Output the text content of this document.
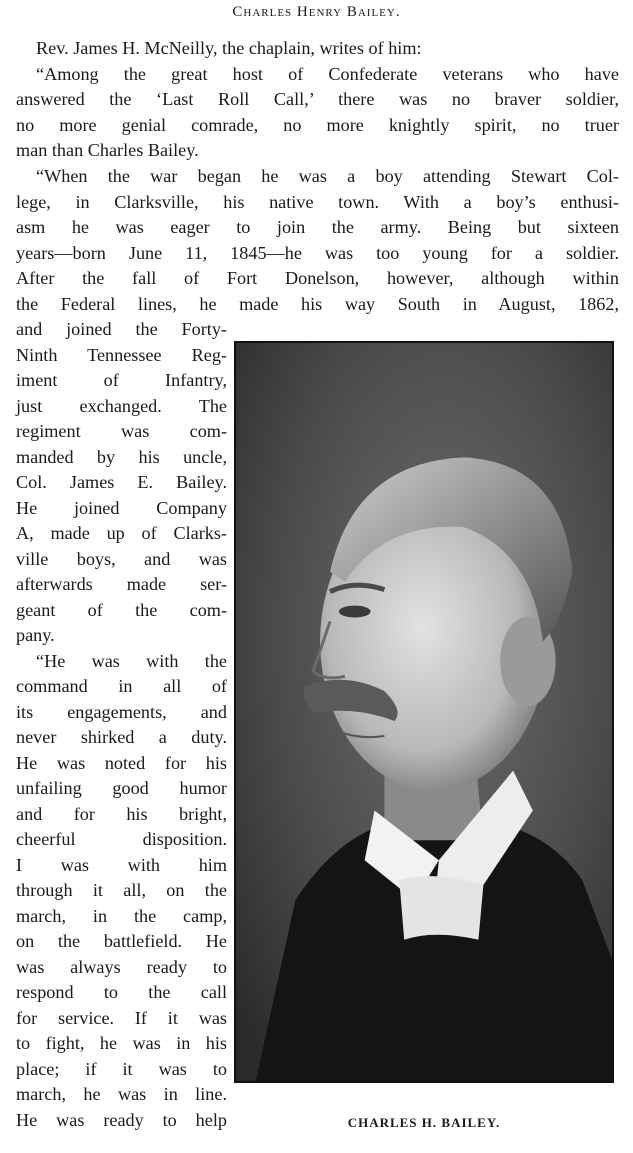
Charles Henry Bailey.
Rev. James H. McNeilly, the chaplain, writes of him:
“Among the great host of Confederate veterans who have
answered the ‘Last Roll Call,’ there was no braver soldier,
no more genial comrade, no more knightly spirit, no truer
man than Charles Bailey.
“When the war began he was a boy attending Stewart Col-
lege, in Clarksville, his native town. With a boy’s enthusi-
asm he was eager to join the army. Being but sixteen
years—born June 11, 1845—he was too young for a soldier.
After the fall of Fort Donelson, however, although within
the Federal lines, he made his way South in August, 1862,
and joined the Forty-
Ninth Tennessee Reg-
iment of Infantry,
just exchanged. The
regiment was com-
manded by his uncle,
Col. James E. Bailey.
He joined Company
A, made up of Clarks-
ville boys, and was
afterwards made ser-
geant of the com-
pany.
“He was with the
command in all of
its engagements, and
never shirked a duty.
He was noted for his
unfailing good humor
and for his bright,
cheerful disposition.
I was with him
through it all, on the
march, in the camp,
on the battlefield. He
was always ready to
respond to the call
for service. If it was
to fight, he was in his
place; if it was to
march, he was in line.
He was ready to help	CHARLES H. BAILEY.
